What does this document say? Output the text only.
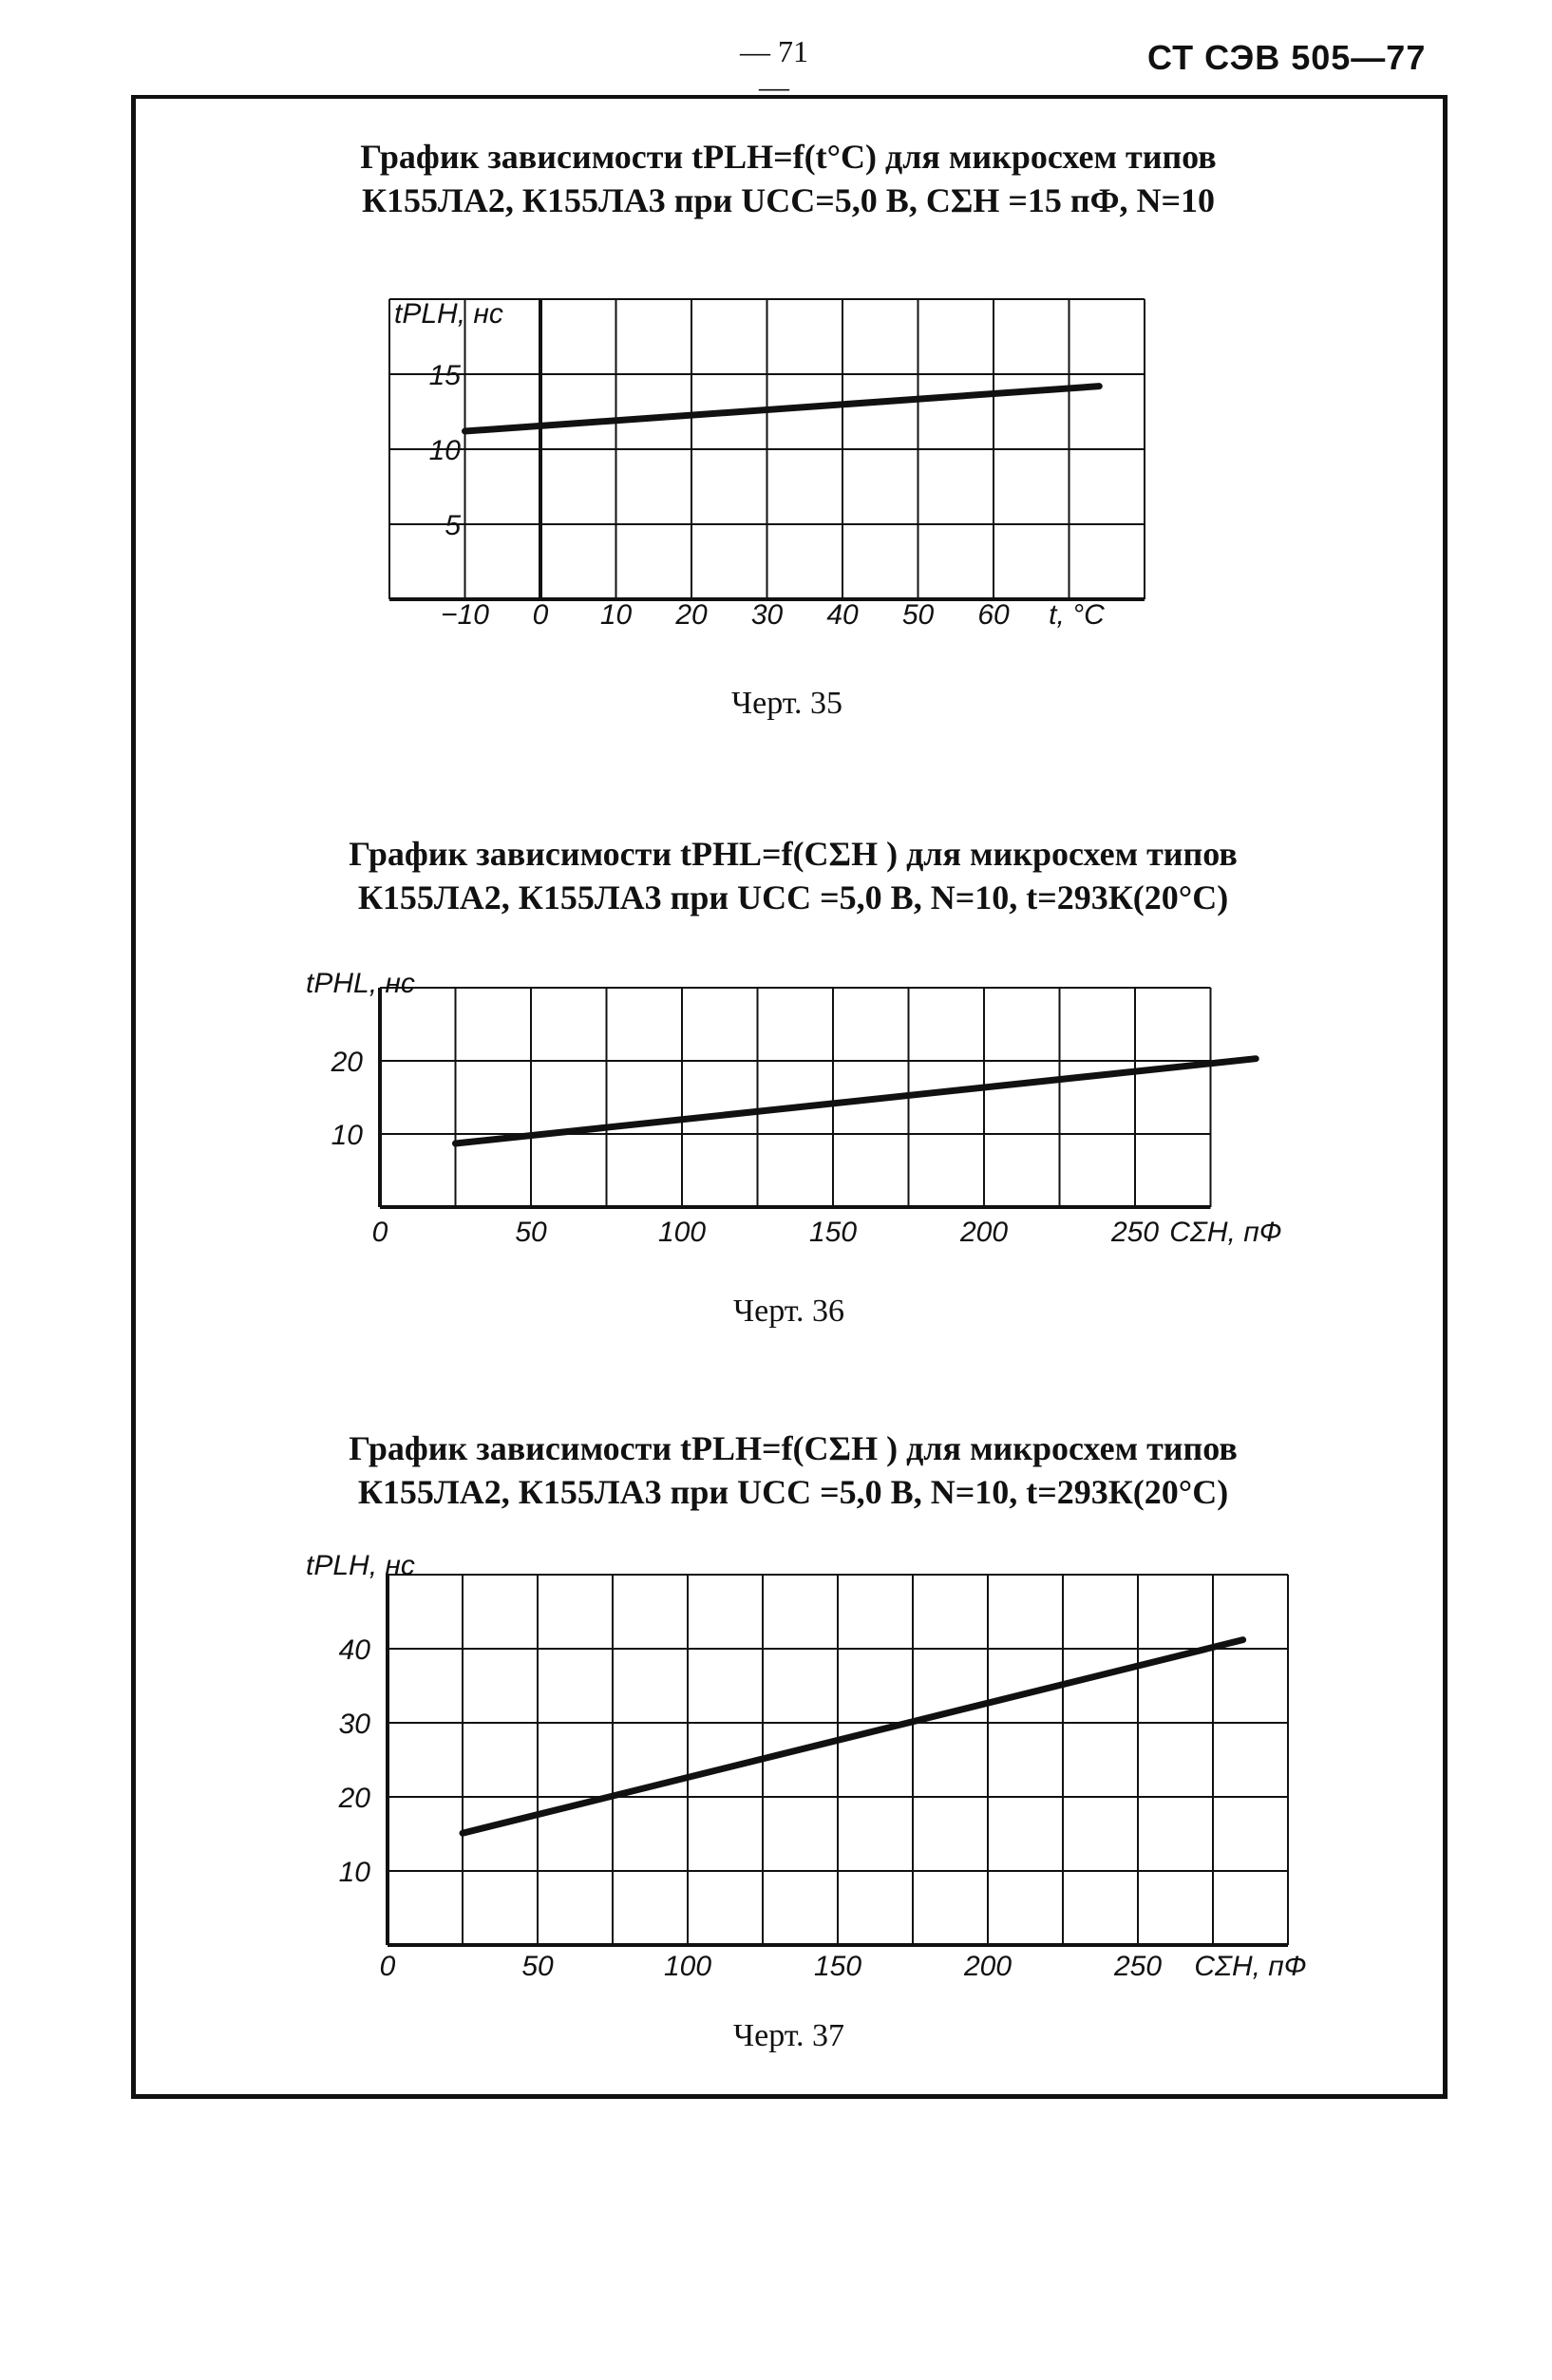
— 71 —
СТ СЭВ 505—77
График зависимости tPLH=f(t°C) для микросхем типов К155ЛА2, К155ЛА3 при UCC=5,0 В, CΣH =15 пФ, N=10
tPLH, нс
15
10
5
−10 0 10 20 30 40 50 60 t, °C
Черт. 35
График зависимости tPHL=f(CΣH ) для микросхем типов К155ЛА2, К155ЛА3 при UCC =5,0 В, N=10, t=293К(20°С)
tPHL, нс
20
10
0	50	100	150	200	250 CΣH, пФ
Черт. 36
График зависимости tPLH=f(CΣH ) для микросхем типов К155ЛА2, К155ЛА3 при UCC =5,0 В, N=10, t=293К(20°С)
tPLH, нс
40
30
20
10
0	50	100	150	200	250 CΣH, пФ
Черт. 37
